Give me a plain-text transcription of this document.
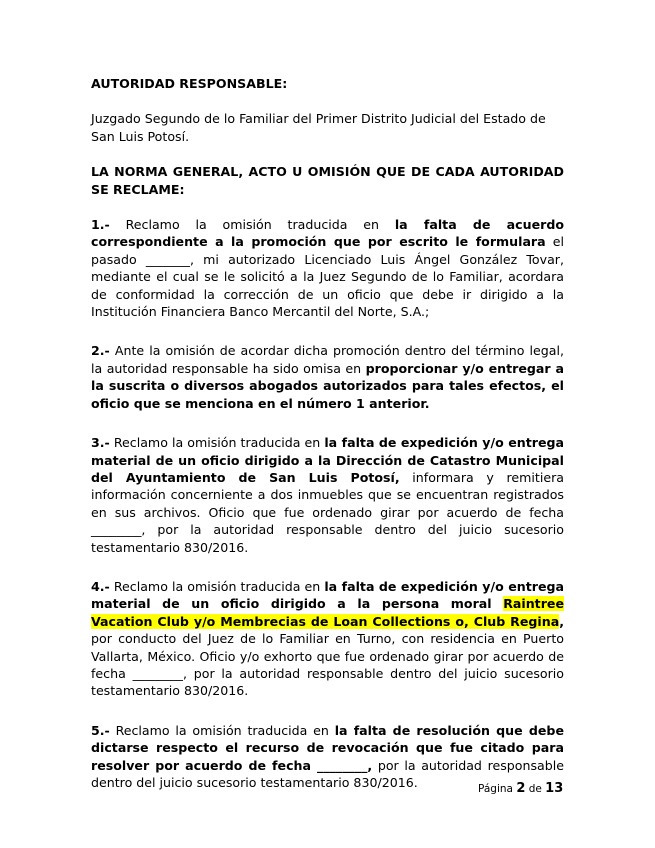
AUTORIDAD RESPONSABLE:

Juzgado Segundo de lo Familiar del Primer Distrito Judicial del Estado de San Luis Potosí.

LA NORMA GENERAL, ACTO U OMISIÓN QUE DE CADA AUTORIDAD SE RECLAME:

1.- Reclamo la omisión traducida en la falta de acuerdo correspondiente a la promoción que por escrito le formulara el pasado _______, mi autorizado Licenciado Luis Ángel González Tovar, mediante el cual se le solicitó a la Juez Segundo de lo Familiar, acordara de conformidad la corrección de un oficio que debe ir dirigido a la Institución Financiera Banco Mercantil del Norte, S.A.;

2.- Ante la omisión de acordar dicha promoción dentro del término legal, la autoridad responsable ha sido omisa en proporcionar y/o entregar a la suscrita o diversos abogados autorizados para tales efectos, el oficio que se menciona en el número 1 anterior.

3.- Reclamo la omisión traducida en la falta de expedición y/o entrega material de un oficio dirigido a la Dirección de Catastro Municipal del Ayuntamiento de San Luis Potosí, informara y remitiera información concerniente a dos inmuebles que se encuentran registrados en sus archivos. Oficio que fue ordenado girar por acuerdo de fecha ________, por la autoridad responsable dentro del juicio sucesorio testamentario 830/2016.

4.- Reclamo la omisión traducida en la falta de expedición y/o entrega material de un oficio dirigido a la persona moral Raintree Vacation Club y/o Membrecias de Loan Collections o, Club Regina, por conducto del Juez de lo Familiar en Turno, con residencia en Puerto Vallarta, México. Oficio y/o exhorto que fue ordenado girar por acuerdo de fecha ________, por la autoridad responsable dentro del juicio sucesorio testamentario 830/2016.

5.- Reclamo la omisión traducida en la falta de resolución que debe dictarse respecto el recurso de revocación que fue citado para resolver por acuerdo de fecha ________, por la autoridad responsable dentro del juicio sucesorio testamentario 830/2016.	Página 2 de 13
